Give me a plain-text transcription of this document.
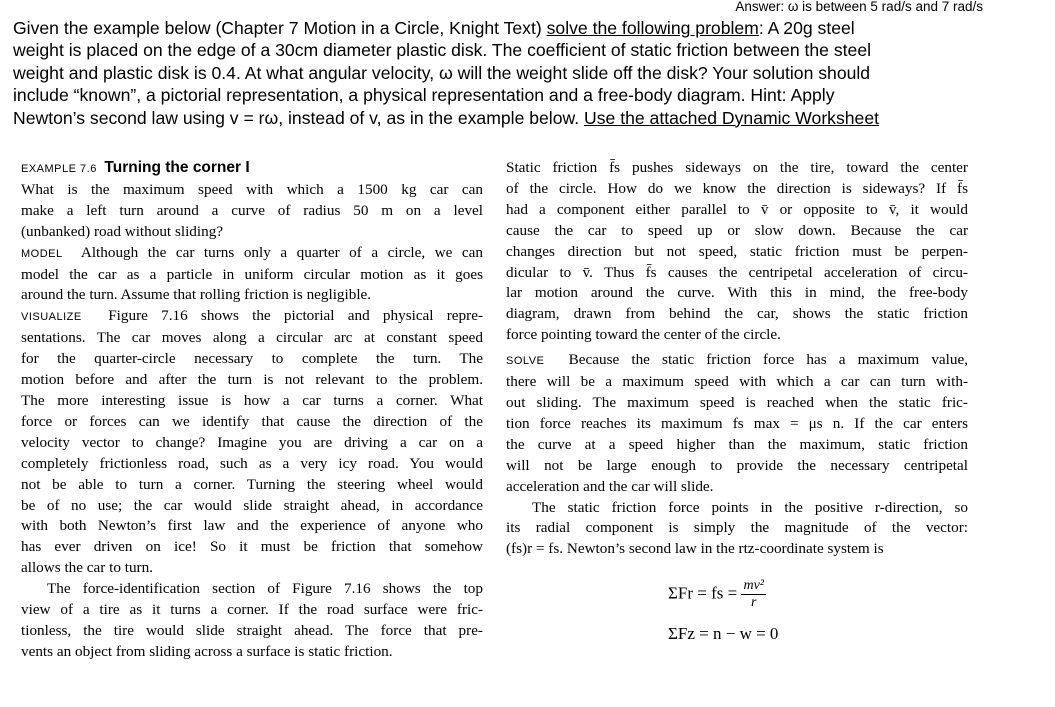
Answer: ω is between 5 rad/s and 7 rad/s
Given the example below (Chapter 7 Motion in a Circle, Knight Text) solve the following problem: A 20g steel
weight is placed on the edge of a 30cm diameter plastic disk. The coefficient of static friction between the steel
weight and plastic disk is 0.4. At what angular velocity, ω will the weight slide off the disk? Your solution should
include “known”, a pictorial representation, a physical representation and a free-body diagram. Hint: Apply
Newton’s second law using v = rω, instead of v, as in the example below. Use the attached Dynamic Worksheet
EXAMPLE 7.6 Turning the corner I
What is the maximum speed with which a 1500 kg car can
make a left turn around a curve of radius 50 m on a level
(unbanked) road without sliding?
MODEL Although the car turns only a quarter of a circle, we can
model the car as a particle in uniform circular motion as it goes
around the turn. Assume that rolling friction is negligible.
VISUALIZE Figure 7.16 shows the pictorial and physical repre-
sentations. The car moves along a circular arc at constant speed
for the quarter-circle necessary to complete the turn. The
motion before and after the turn is not relevant to the problem.
The more interesting issue is how a car turns a corner. What
force or forces can we identify that cause the direction of the
velocity vector to change? Imagine you are driving a car on a
completely frictionless road, such as a very icy road. You would
not be able to turn a corner. Turning the steering wheel would
be of no use; the car would slide straight ahead, in accordance
with both Newton’s first law and the experience of anyone who
has ever driven on ice! So it must be friction that somehow
allows the car to turn.
The force-identification section of Figure 7.16 shows the top
view of a tire as it turns a corner. If the road surface were fric-
tionless, the tire would slide straight ahead. The force that pre-
vents an object from sliding across a surface is static friction.
Static friction f̄s pushes sideways on the tire, toward the center
of the circle. How do we know the direction is sideways? If f̄s
had a component either parallel to v̄ or opposite to v̄, it would
cause the car to speed up or slow down. Because the car
changes direction but not speed, static friction must be perpen-
dicular to v̄. Thus f̄s causes the centripetal acceleration of circu-
lar motion around the curve. With this in mind, the free-body
diagram, drawn from behind the car, shows the static friction
force pointing toward the center of the circle.
SOLVE Because the static friction force has a maximum value,
there will be a maximum speed with which a car can turn with-
out sliding. The maximum speed is reached when the static fric-
tion force reaches its maximum fs max = μs n. If the car enters
the curve at a speed higher than the maximum, static friction
will not be large enough to provide the necessary centripetal
acceleration and the car will slide.
The static friction force points in the positive r-direction, so
its radial component is simply the magnitude of the vector:
(fs)r = fs. Newton’s second law in the rtz-coordinate system is
ΣFr = fs = $\frac{\text{mv²}}{r}$
ΣFz = n − w = 0
